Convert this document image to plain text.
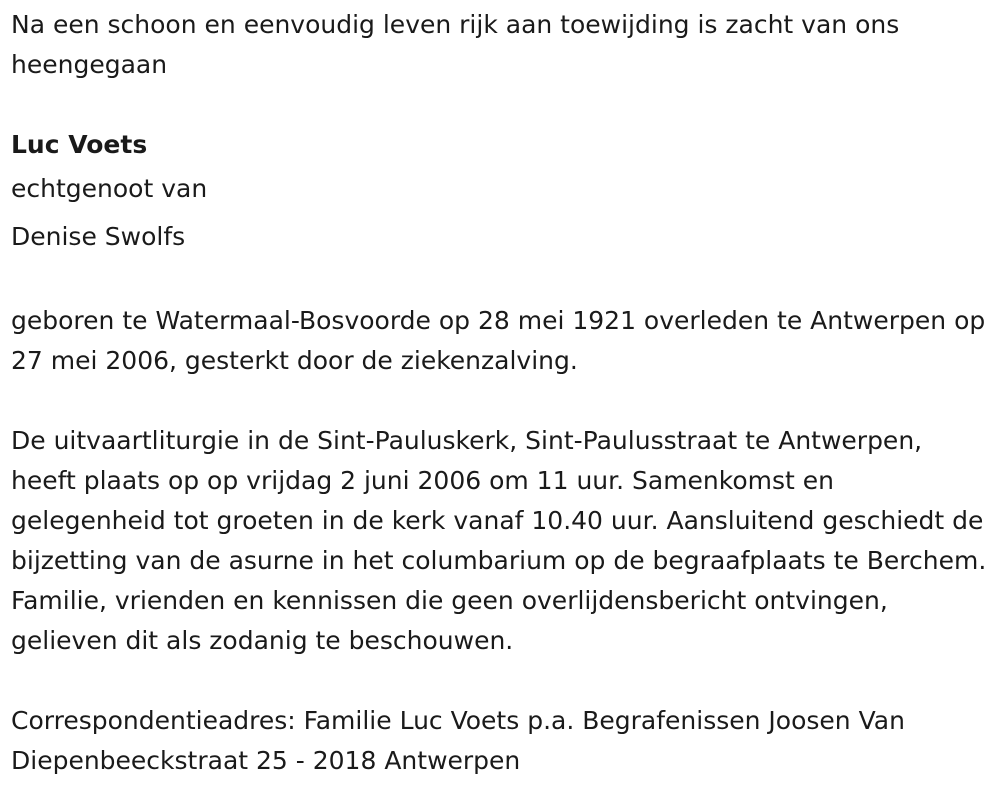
Na een schoon en eenvoudig leven rijk aan toewijding is zacht van ons heengegaan

Luc Voets

echtgenoot van

Denise Swolfs

geboren te Watermaal-Bosvoorde op 28 mei 1921 overleden te Antwerpen op 27 mei 2006, gesterkt door de ziekenzalving.

De uitvaartliturgie in de Sint-Pauluskerk, Sint-Paulusstraat te Antwerpen, heeft plaats op op vrijdag 2 juni 2006 om 11 uur. Samenkomst en gelegenheid tot groeten in de kerk vanaf 10.40 uur. Aansluitend geschiedt de bijzetting van de asurne in het columbarium op de begraafplaats te Berchem. Familie, vrienden en kennissen die geen overlijdensbericht ontvingen, gelieven dit als zodanig te beschouwen.

Correspondentieadres: Familie Luc Voets p.a. Begrafenissen Joosen Van Diepenbeeckstraat 25 - 2018 Antwerpen
